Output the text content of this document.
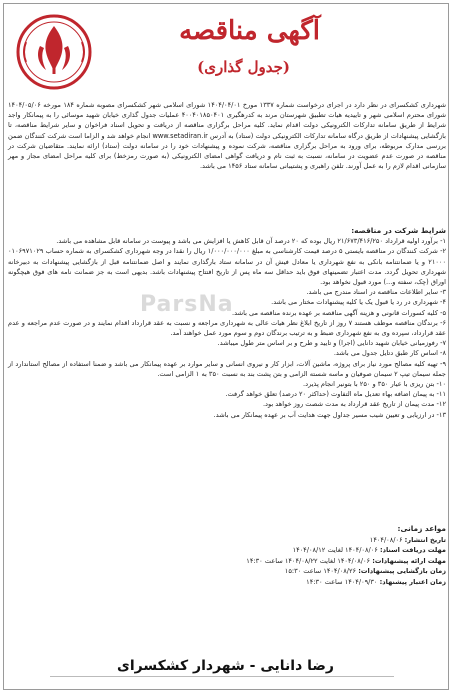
آگهی مناقصه
(جدول گذاری)
شهرداری کشکسرای در نظر دارد در اجرای درخواست شماره ۱۳۳۷ مورخ ۱۴۰۴/۰۴/۰۱ شورای اسلامی شهر کشکسرای مصوبه شماره ۱۸۴ مورخه ۱۴۰۴/۰۵/۰۶ شورای محترم اسلامی شهر و تاییدیه هیات تطبیق شهرستان مرند به کدرهگیری ۴۰۰۴۰۱۸۵۰۴۰۱ عملیات جدول گذاری خیابان شهید موسائی را به پیمانکار واجد شرایط از طریق سامانه تدارکات الکترونیکی دولت اقدام نماید. کلیه مراحل برگزاری مناقصه از دریافت و تحویل اسناد فراخوان و سایر شرایط مناقصه، تا بازگشایی پیشنهادات از طریق درگاه سامانه تدارکات الکترونیکی دولت (ستاد) به آدرس www.setadiran.ir انجام خواهد شد و الزاما است شرکت کنندگان ضمن بررسی مدارک مربوطه، برای ورود به مراحل برگزاری مناقصه، شرکت نموده و پیشنهادات خود را در سامانه دولت (ستاد) ارائه نمایند. متقاضیان شرکت در مناقصه در صورت عدم عضویت در سامانه، نسبت به ثبت نام و دریافت گواهی امضای الکترونیکی (به صورت رمزخط) برای کلیه مراحل امضای مجاز و مهر سازمانی اقدام لازم را به عمل آورند. تلفن راهبری و پشتیبانی سامانه ستاد ۱۴۵۶ می باشد.
شرایط شرکت در مناقصه:
۱- برآورد اولیه قرارداد ۲۱/۶۷۳/۴۱۶/۲۵۰ ریال بوده که ۲۰ درصد آن قابل کاهش یا افزایش می باشد و پیوست در سامانه قابل مشاهده می باشد.
۲- شرکت کنندگان در مناقصه بایستی ۵ درصد قیمت کارشناسی به مبلغ ۱/۰۰۰/۰۰۰/۰۰۰ ریال را نقدا در وجه شهرداری کشکسرای به شماره حساب ۰۱۰۶۹۷۱۰۲۹ ۲۱۰۰۰ و یا ضمانتنامه بانکی به نفع شهرداری یا معادل فیش آن در سامانه ستاد بارگذاری نمایند و اصل ضمانتنامه قبل از بازگشایی پیشنهادات به دبیرخانه شهرداری تحویل گردد. مدت اعتبار تضمینهای فوق باید حداقل سه ماه پس از تاریخ افتتاح پیشنهادات باشد. بدیهی است به جز ضمانت نامه های فوق هیچگونه اوراق (چک، سفته و...) مورد قبول نخواهد بود.
۳- سایر اطلاعات مناقصه در اسناد مندرج می باشد.
۴- شهرداری در رد یا قبول یک یا کلیه پیشنهادات مختار می باشد.
۵- کلیه کسورات قانونی و هزینه آگهی مناقصه بر عهده برنده مناقصه می باشد.
۶- برندگان مناقصه موظف هستند ۷ روز از تاریخ ابلاغ نظر هیات عالی به شهرداری مراجعه و نسبت به عقد قرارداد اقدام نمایند و در صورت عدم مراجعه و عدم عقد قرارداد، سپرده وی به نفع شهرداری ضبط و به ترتیب برندگان دوم و سوم مورد عمل خواهند آمد.
۷- رفوزمیانی خیابان شهید دانایی (اجرا) و تایید و طرح و بر اساس متر طول میباشد.
۸- اساس کار طبق دتایل جدول می باشد.
۹- تهیه کلیه مصالح مورد نیاز برای پروژه، ماشین آلات، ابزار کار و نیروی انسانی و سایر موارد بر عهده پیمانکار می باشد و ضمنا استفاده از مصالح استاندارد از جمله سیمان تیپ ۲ سیمان صوفیان و ماسه شسته الزامی و بتن پشت بند به نسبت ۳۵۰ به ۱ الزامی است.
۱۰- بتن ریزی با عیار ۳۵۰ و ۲۵۰ با بتونیر انجام پذیرد.
۱۱- به پیمان اضافه بهاء تعدیل ماه التفاوت (حداکثر ۲۰ درصد) تعلق خواهد گرفت.
۱۲- مدت پیمان از تاریخ عقد قرارداد به مدت شصت روز خواهد بود.
۱۳- در ارزیابی و تعیین شیب مسیر جداول جهت هدایت آب بر عهده پیمانکار می باشد.
ParsNa
مواعد زمانی:
تاریخ انتشار: ۱۴۰۴/۰۸/۰۶
مهلت دریافت اسناد: ۱۴۰۴/۰۸/۰۶ لغایت ۱۴۰۴/۰۸/۱۲
مهلت ارائه پیشنهادات: ۱۴۰۴/۰۸/۰۶ لغایت ۱۴۰۴/۰۸/۲۲ ساعت ۱۴:۳۰
زمان بازگشایی پیشنهادات: ۱۴۰۴/۰۸/۲۶ ساعت ۱۵:۳۰
زمان اعتبار پیشنهاد: ۱۴۰۴/۰۹/۳۰ ساعت ۱۴:۳۰
رضا دانایی - شهردار کشکسرای
